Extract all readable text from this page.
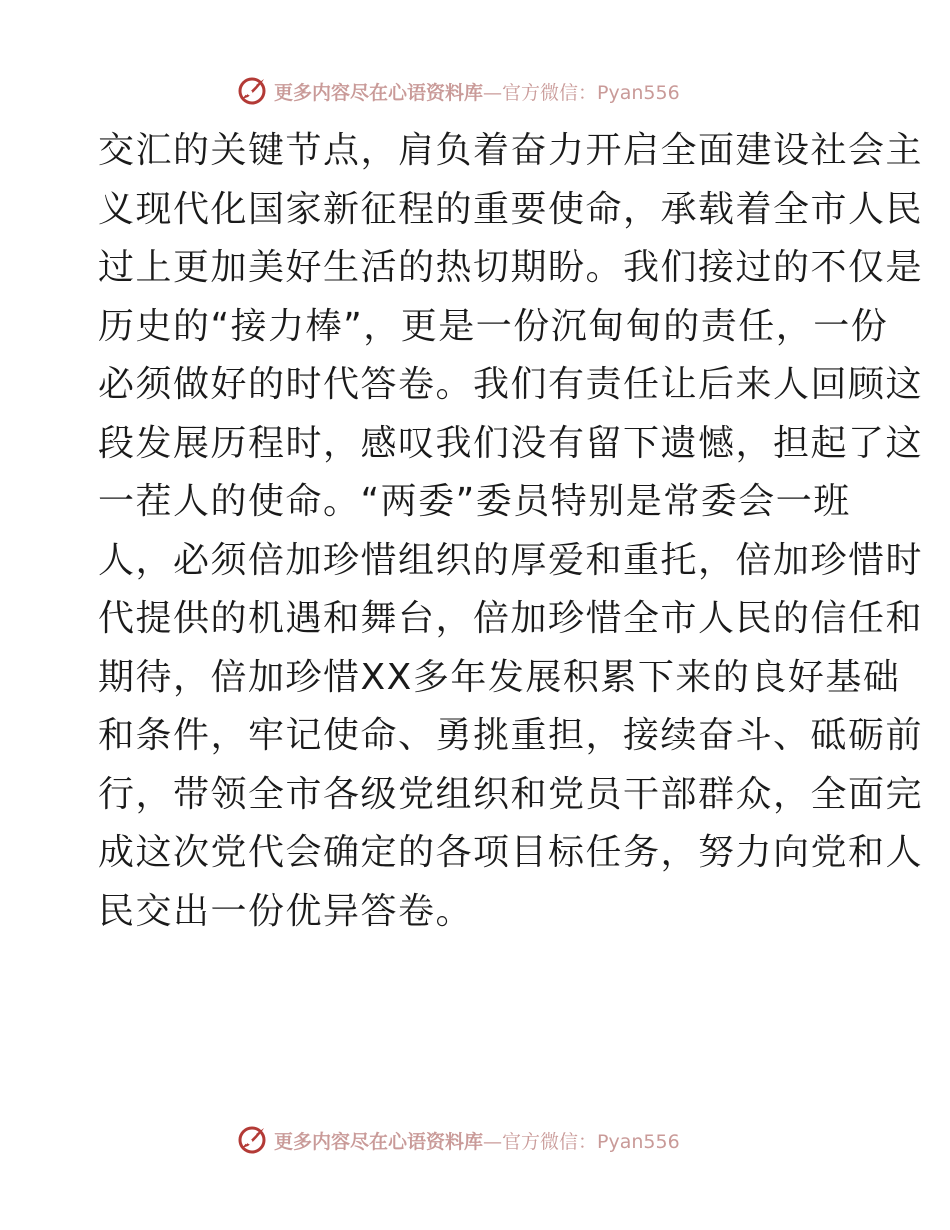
更多内容尽在心语资料库—官方微信：Pyan556
交汇的关键节点，肩负着奋力开启全面建设社会主
义现代化国家新征程的重要使命，承载着全市人民
过上更加美好生活的热切期盼。我们接过的不仅是
历史的“接力棒”，更是一份沉甸甸的责任，一份
必须做好的时代答卷。我们有责任让后来人回顾这
段发展历程时，感叹我们没有留下遗憾，担起了这
一茬人的使命。“两委”委员特别是常委会一班
人，必须倍加珍惜组织的厚爱和重托，倍加珍惜时
代提供的机遇和舞台，倍加珍惜全市人民的信任和
期待，倍加珍惜XX多年发展积累下来的良好基础
和条件，牢记使命、勇挑重担，接续奋斗、砥砺前
行，带领全市各级党组织和党员干部群众，全面完
成这次党代会确定的各项目标任务，努力向党和人
民交出一份优异答卷。
更多内容尽在心语资料库—官方微信：Pyan556
